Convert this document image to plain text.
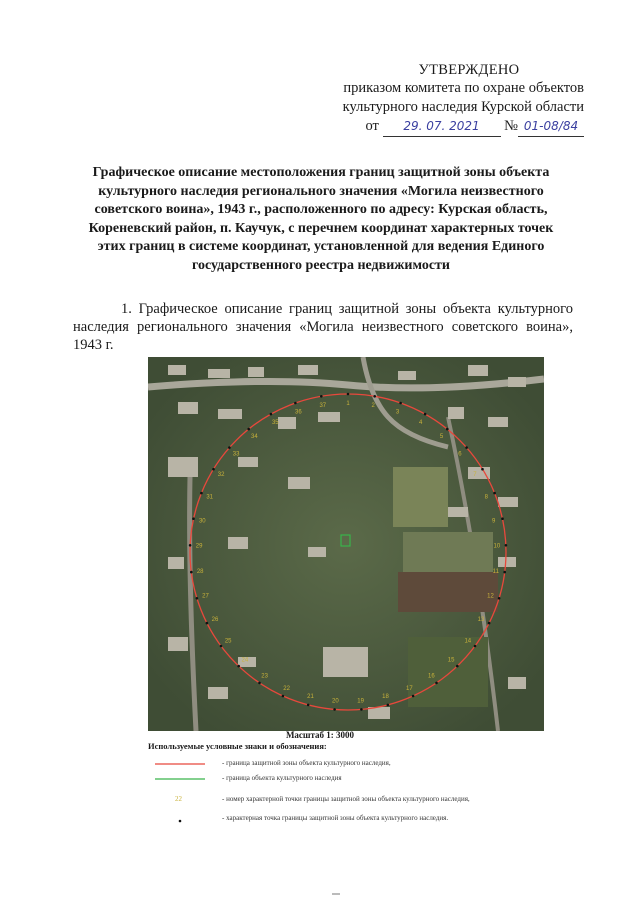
УТВЕРЖДЕНО
приказом комитета по охране объектов
культурного наследия Курской области
от 29. 07. 2021 № 01-08/84
Графическое описание местоположения границ защитной зоны объекта культурного наследия регионального значения «Могила неизвестного советского воина», 1943 г., расположенного по адресу: Курская область, Кореневский район, п. Каучук, с перечнем координат характерных точек этих границ в системе координат, установленной для ведения Единого государственного реестра недвижимости
1. Графическое описание границ защитной зоны объекта культурного наследия регионального значения «Могила неизвестного советского воина», 1943 г.
1	2
3
4
5
6
7
8
9
10
11
12
13
14
15
16
17
18
19
20
21
22
23
24
25
26
27
28
29
30
31
32
33
34
35
36
37
Масштаб 1: 3000
Используемые условные знаки и обозначения:
- граница защитной зоны объекта культурного наследия,
- граница объекта культурного наследия
22	- номер характерной точки границы защитной зоны объекта культурного наследия,
- характерная точка границы защитной зоны объекта культурного наследия.
